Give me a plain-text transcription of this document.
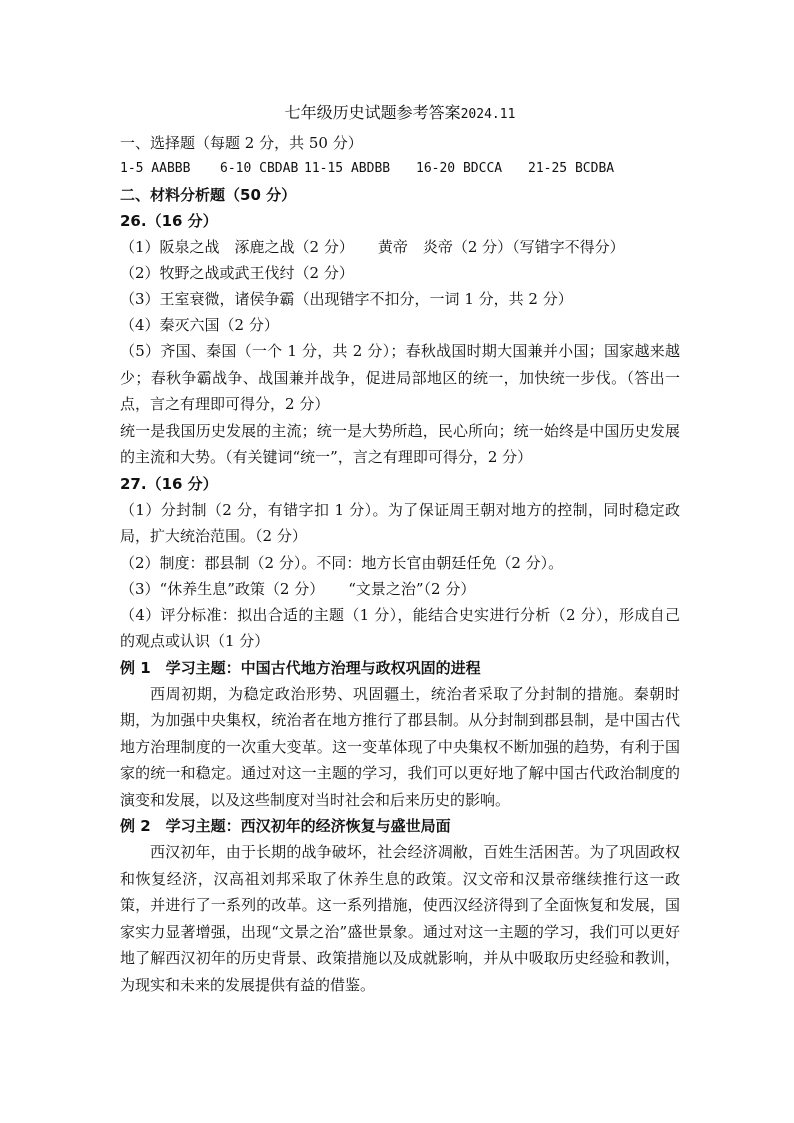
七年级历史试题参考答案2024.11
一、选择题（每题 2 分，共 50 分）
1-5 AABBB 6-10 CBDAB 11-15 ABDBB 16-20 BDCCA 21-25 BCDBA
二、材料分析题（50 分）
26.（16 分）
（1）阪泉之战　涿鹿之战（2 分） 黄帝　炎帝（2 分）（写错字不得分）
（2）牧野之战或武王伐纣（2 分）
（3）王室衰微，诸侯争霸（出现错字不扣分，一词 1 分，共 2 分）
（4）秦灭六国（2 分）
（5）齐国、秦国（一个 1 分，共 2 分）；春秋战国时期大国兼并小国；国家越来越少；春秋争霸战争、战国兼并战争，促进局部地区的统一，加快统一步伐。（答出一点，言之有理即可得分，2 分）
统一是我国历史发展的主流；统一是大势所趋，民心所向；统一始终是中国历史发展的主流和大势。（有关键词“统一”，言之有理即可得分，2 分）
27.（16 分）
（1）分封制（2 分，有错字扣 1 分）。为了保证周王朝对地方的控制，同时稳定政局，扩大统治范围。（2 分）
（2）制度：郡县制（2 分）。不同：地方长官由朝廷任免（2 分）。
（3）“休养生息”政策（2 分） “文景之治”（2 分）
（4）评分标准：拟出合适的主题（1 分），能结合史实进行分析（2 分），形成自己的观点或认识（1 分）
例 1　学习主题：中国古代地方治理与政权巩固的进程
西周初期，为稳定政治形势、巩固疆土，统治者采取了分封制的措施。秦朝时期，为加强中央集权，统治者在地方推行了郡县制。从分封制到郡县制，是中国古代地方治理制度的一次重大变革。这一变革体现了中央集权不断加强的趋势，有利于国家的统一和稳定。通过对这一主题的学习，我们可以更好地了解中国古代政治制度的演变和发展，以及这些制度对当时社会和后来历史的影响。
例 2　学习主题：西汉初年的经济恢复与盛世局面
西汉初年，由于长期的战争破坏，社会经济凋敝，百姓生活困苦。为了巩固政权和恢复经济，汉高祖刘邦采取了休养生息的政策。汉文帝和汉景帝继续推行这一政策，并进行了一系列的改革。这一系列措施，使西汉经济得到了全面恢复和发展，国家实力显著增强，出现“文景之治”盛世景象。通过对这一主题的学习，我们可以更好地了解西汉初年的历史背景、政策措施以及成就影响，并从中吸取历史经验和教训，为现实和未来的发展提供有益的借鉴。
